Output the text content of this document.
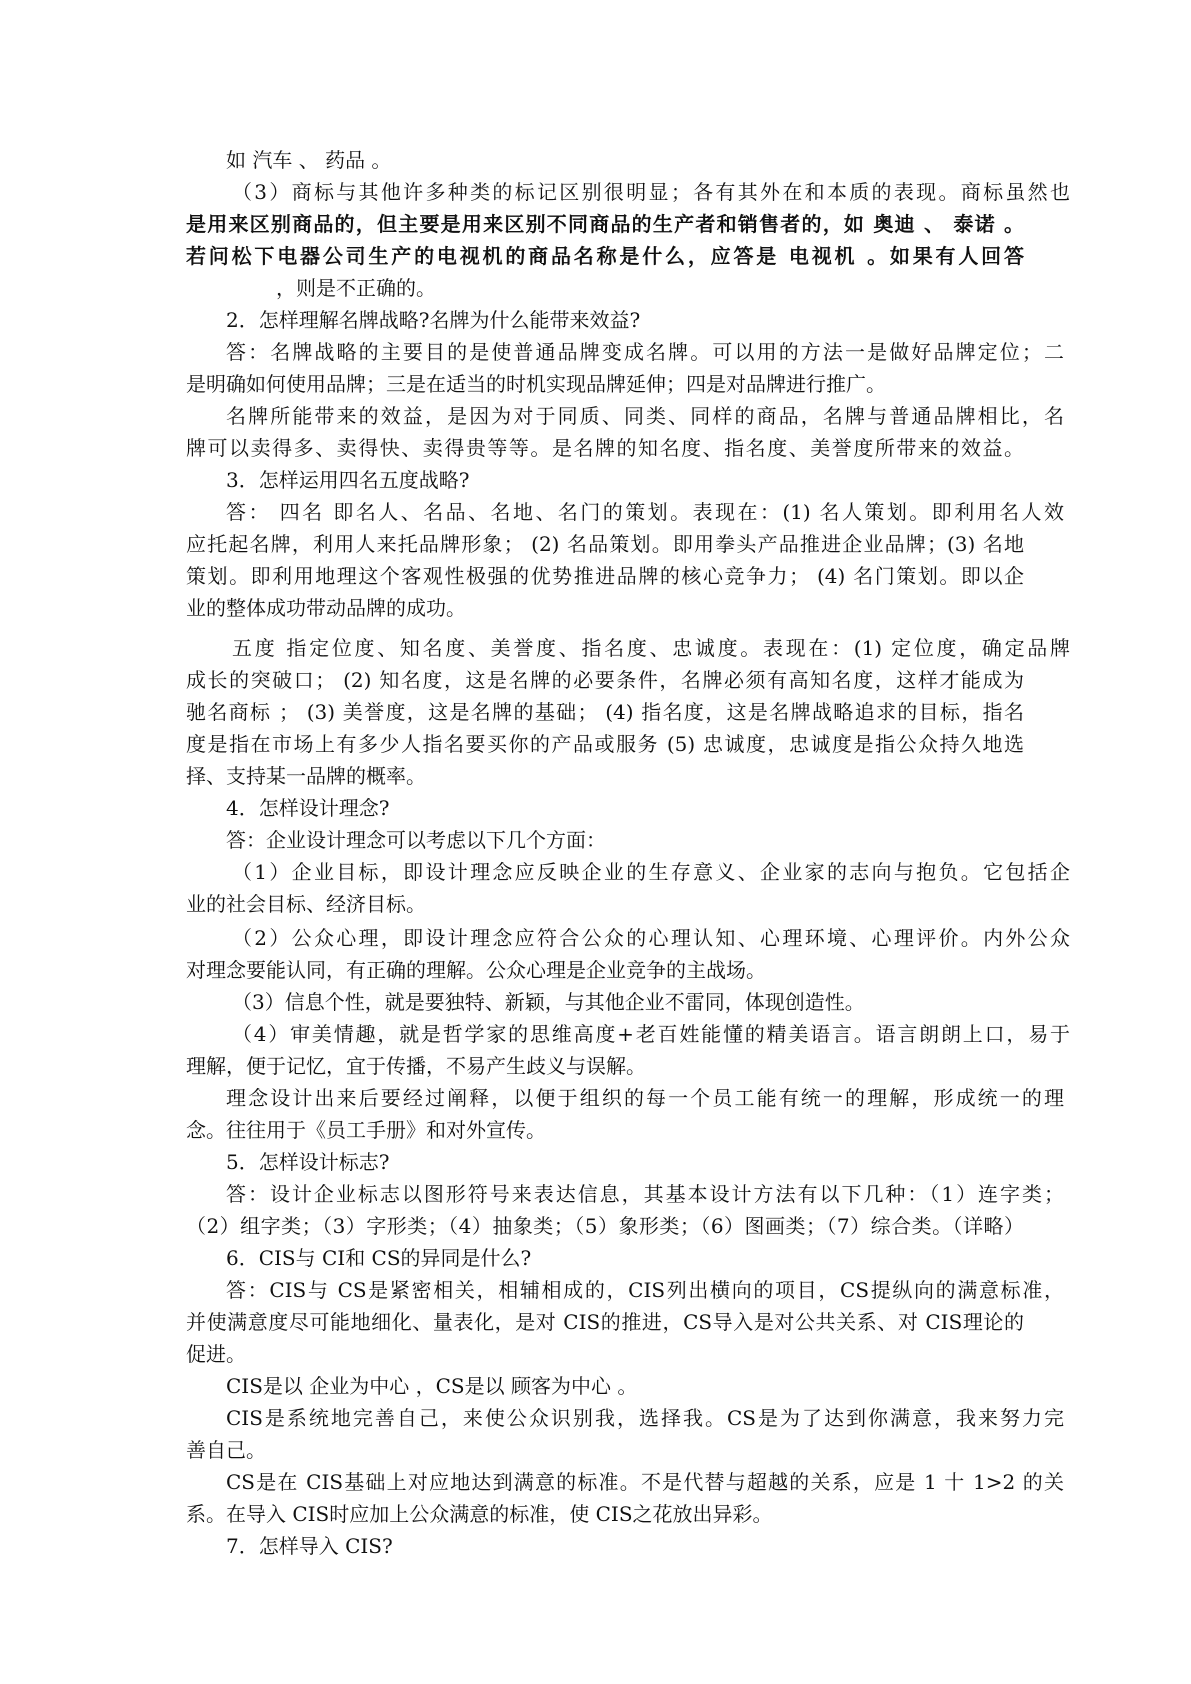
如 汽车 、 药品 。
（3）商标与其他许多种类的标记区别很明显；各有其外在和本质的表现。商标虽然也
是用来区别商品的，但主要是用来区别不同商品的生产者和销售者的，如 奥迪 、 泰诺 。
若问松下电器公司生产的电视机的商品名称是什么，应答是 电视机 。如果有人回答
，则是不正确的。
2．怎样理解名牌战略?名牌为什么能带来效益?
答：名牌战略的主要目的是使普通品牌变成名牌。可以用的方法一是做好品牌定位；二
是明确如何使用品牌；三是在适当的时机实现品牌延伸；四是对品牌进行推广。
名牌所能带来的效益，是因为对于同质、同类、同样的商品，名牌与普通品牌相比，名
牌可以卖得多、卖得快、卖得贵等等。是名牌的知名度、指名度、美誉度所带来的效益。
3．怎样运用四名五度战略?
答： 四名 即名人、名品、名地、名门的策划。表现在：(1) 名人策划。即利用名人效
应托起名牌，利用人来托品牌形象； (2) 名品策划。即用拳头产品推进企业品牌；(3) 名地
策划。即利用地理这个客观性极强的优势推进品牌的核心竞争力； (4) 名门策划。即以企
业的整体成功带动品牌的成功。
五度 指定位度、知名度、美誉度、指名度、忠诚度。表现在：(1) 定位度，确定品牌
成长的突破口； (2) 知名度，这是名牌的必要条件，名牌必须有高知名度，这样才能成为
驰名商标 ； (3) 美誉度，这是名牌的基础； (4) 指名度，这是名牌战略追求的目标，指名
度是指在市场上有多少人指名要买你的产品或服务 (5) 忠诚度，忠诚度是指公众持久地选
择、支持某一品牌的概率。
4．怎样设计理念?
答：企业设计理念可以考虑以下几个方面：
（1）企业目标，即设计理念应反映企业的生存意义、企业家的志向与抱负。它包括企
业的社会目标、经济目标。
（2）公众心理，即设计理念应符合公众的心理认知、心理环境、心理评价。内外公众
对理念要能认同，有正确的理解。公众心理是企业竞争的主战场。
（3）信息个性，就是要独特、新颖，与其他企业不雷同，体现创造性。
（4）审美情趣，就是哲学家的思维高度+老百姓能懂的精美语言。语言朗朗上口，易于
理解，便于记忆，宜于传播，不易产生歧义与误解。
理念设计出来后要经过阐释，以便于组织的每一个员工能有统一的理解，形成统一的理
念。往往用于《员工手册》和对外宣传。
5．怎样设计标志?
答：设计企业标志以图形符号来表达信息，其基本设计方法有以下几种：（1）连字类；
（2）组字类；（3）字形类；（4）抽象类；（5）象形类；（6）图画类；（7）综合类。（详略）
6．CIS与 CI和 CS的异同是什么?
答：CIS与 CS是紧密相关，相辅相成的，CIS列出横向的项目，CS提纵向的满意标准，
并使满意度尽可能地细化、量表化，是对 CIS的推进，CS导入是对公共关系、对 CIS理论的
促进。
CIS是以 企业为中心 ，CS是以 顾客为中心 。
CIS是系统地完善自己，来使公众识别我，选择我。CS是为了达到你满意，我来努力完
善自己。
CS是在 CIS基础上对应地达到满意的标准。不是代替与超越的关系，应是 1 十 1>2 的关
系。在导入 CIS时应加上公众满意的标准，使 CIS之花放出异彩。
7．怎样导入 CIS?
